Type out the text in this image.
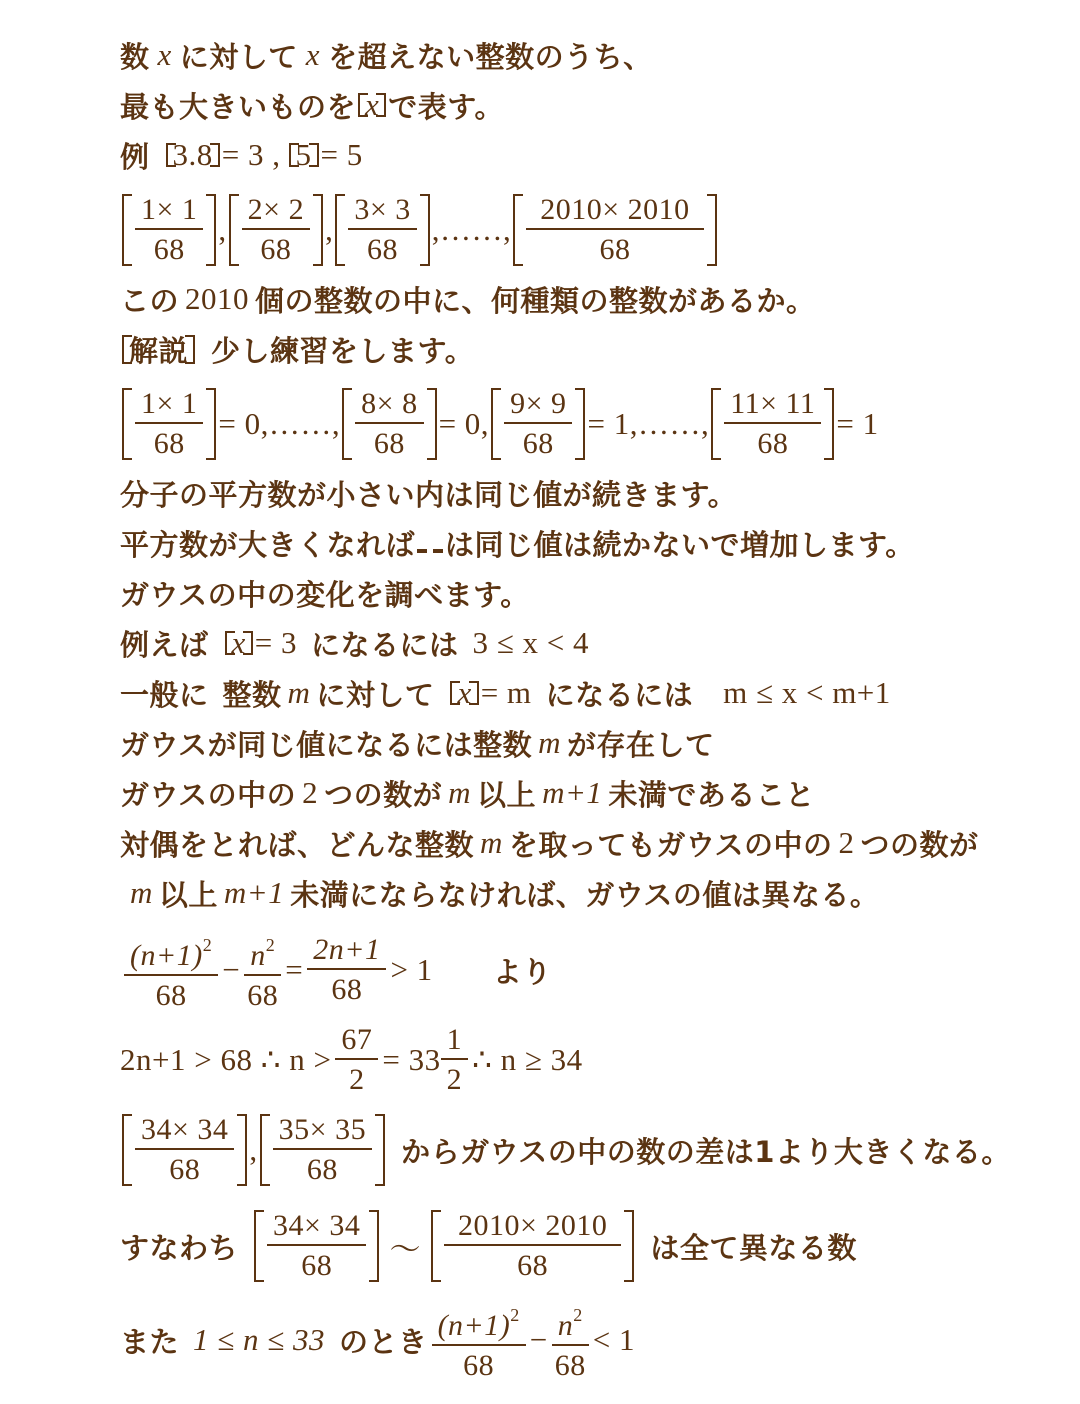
数 x に対して x を超えない整数のうち、
最も大きいものを x で表す。
例 3.8 = 3 , 5 = 5
1× 1
68
,
2× 2
68
,
3× 3
68
, …… ,
2010× 2010
68
この 2010 個の整数の中に、何種類の整数があるか。
解説 少し練習をします。
1× 1
68
= 0, …… ,
8× 8
68
= 0,
9× 9
68
= 1, …… ,
11× 11
68
= 1
分子の平方数が小さい内は同じ値が続きます。
平方数が大きくなれば は同じ値は続かないで増加します。
ガウスの中の変化を調べます。
例えば x = 3 になるには 3 ≤ x < 4
一般に 整数 m に対して x = m になるには m ≤ x < m+1
ガウスが同じ値になるには整数 m が存在して
ガウスの中の 2 つの数が m 以上 m+1 未満であること
対偶をとれば、どんな整数 m を取ってもガウスの中の 2 つの数が
m 以上 m+1 未満にならなければ、ガウスの値は異なる。
$(n+1)^2$
68
− $\frac{n^2}{68} = \frac{2n+1}{68} > 1$ より
2n+1 > 68 ∴ $n > \frac{67}{2} = 33$
1
2
∴ n ≥ 34
34× 34
68
,
35× 35
68
からガウスの中の数の差は1より大きくなる。
すなわち
34× 34
68 〜
2010× 2010
68
は全て異なる数
また 1 ≤ n ≤ 33 のとき $(n+1)^2$
68
− $\frac{n^2}{68} < 1$
